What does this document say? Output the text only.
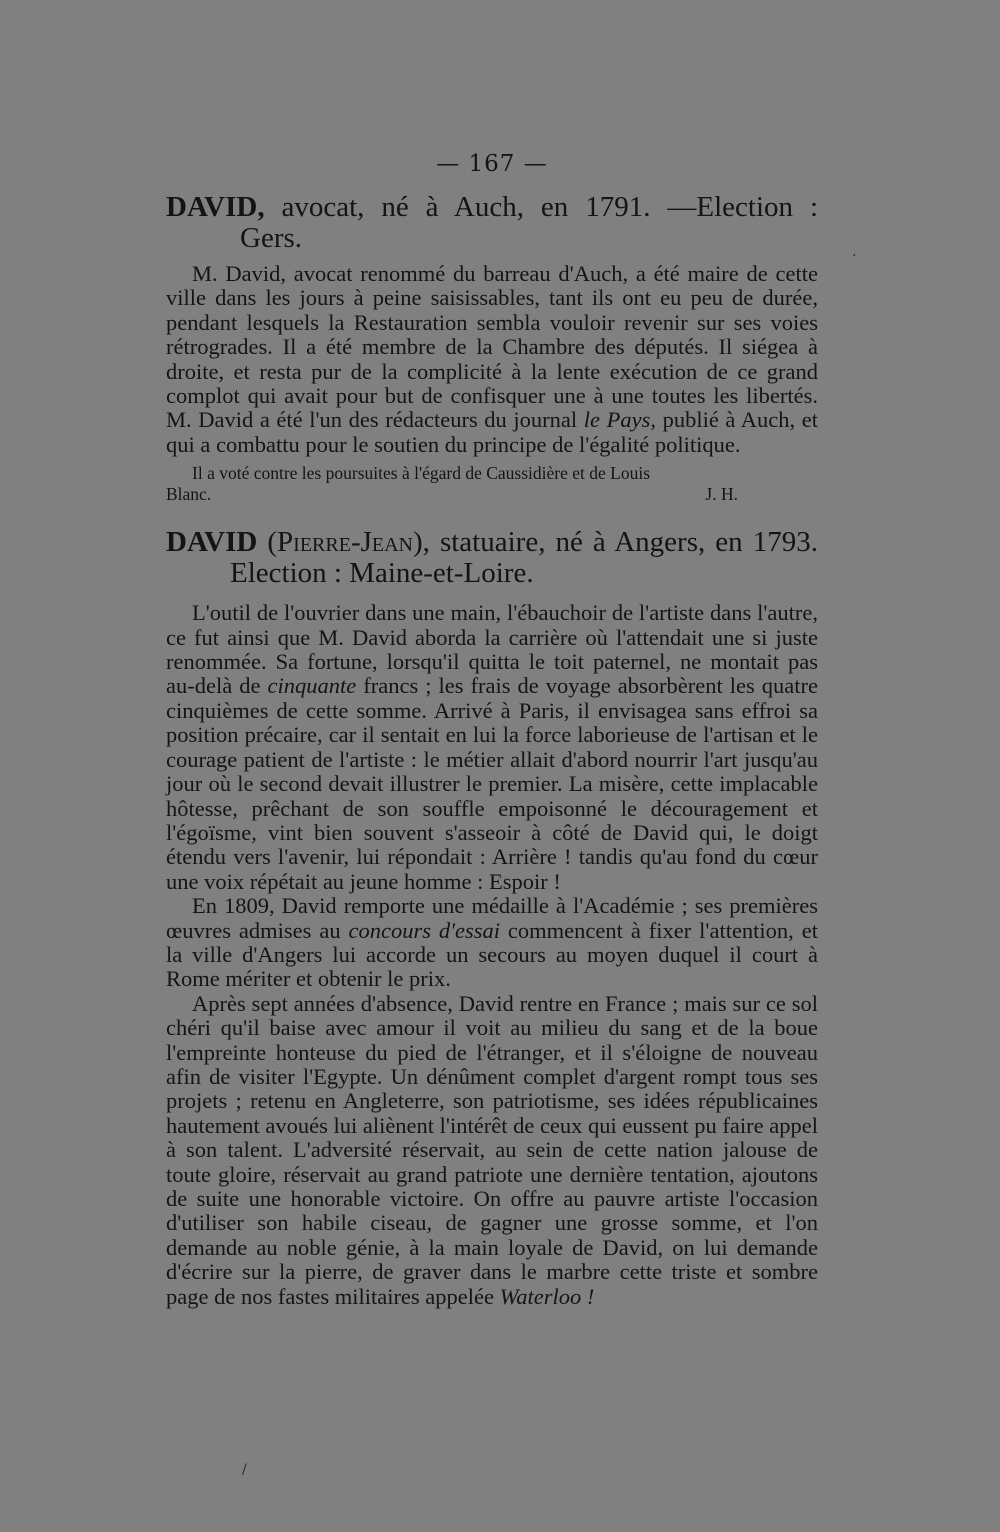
— 167 —

DAVID, avocat, né à Auch, en 1791. —Election :

Gers.

M. David, avocat renommé du barreau d'Auch, a été maire de cette ville dans les jours à peine saisissables, tant ils ont eu peu de durée, pendant lesquels la Restauration sembla vouloir revenir sur ses voies rétrogrades. Il a été membre de la Chambre des députés. Il siégea à droite, et resta pur de la complicité à la lente exécution de ce grand complot qui avait pour but de confisquer une à une toutes les libertés. M. David a été l'un des rédacteurs du journal le Pays, publié à Auch, et qui a combattu pour le soutien du principe de l'égalité politique.

Il a voté contre les poursuites à l'égard de Caussidière et de Louis

Blanc.	J. H.

DAVID (Pierre-Jean), statuaire, né à Angers, en 1793.

Election : Maine-et-Loire.

L'outil de l'ouvrier dans une main, l'ébauchoir de l'artiste dans l'autre, ce fut ainsi que M. David aborda la carrière où l'attendait une si juste renommée. Sa fortune, lorsqu'il quitta le toit paternel, ne montait pas au-delà de cinquante francs ; les frais de voyage absorbèrent les quatre cinquièmes de cette somme. Arrivé à Paris, il envisagea sans effroi sa position précaire, car il sentait en lui la force laborieuse de l'artisan et le courage patient de l'artiste : le métier allait d'abord nourrir l'art jusqu'au jour où le second devait illustrer le premier. La misère, cette implacable hôtesse, prêchant de son souffle empoisonné le découragement et l'égoïsme, vint bien souvent s'asseoir à côté de David qui, le doigt étendu vers l'avenir, lui répondait : Arrière ! tandis qu'au fond du cœur une voix répétait au jeune homme : Espoir !

En 1809, David remporte une médaille à l'Académie ; ses premières œuvres admises au concours d'essai commencent à fixer l'attention, et la ville d'Angers lui accorde un secours au moyen duquel il court à Rome mériter et obtenir le prix.

Après sept années d'absence, David rentre en France ; mais sur ce sol chéri qu'il baise avec amour il voit au milieu du sang et de la boue l'empreinte honteuse du pied de l'étranger, et il s'éloigne de nouveau afin de visiter l'Egypte. Un dénûment complet d'argent rompt tous ses projets ; retenu en Angleterre, son patriotisme, ses idées républicaines hautement avoués lui aliènent l'intérêt de ceux qui eussent pu faire appel à son talent. L'adversité réservait, au sein de cette nation jalouse de toute gloire, réservait au grand patriote une dernière tentation, ajoutons de suite une honorable victoire. On offre au pauvre artiste l'occasion d'utiliser son habile ciseau, de gagner une grosse somme, et l'on demande au noble génie, à la main loyale de David, on lui demande d'écrire sur la pierre, de graver dans le marbre cette triste et sombre page de nos fastes militaires appelée Waterloo !

·
/
